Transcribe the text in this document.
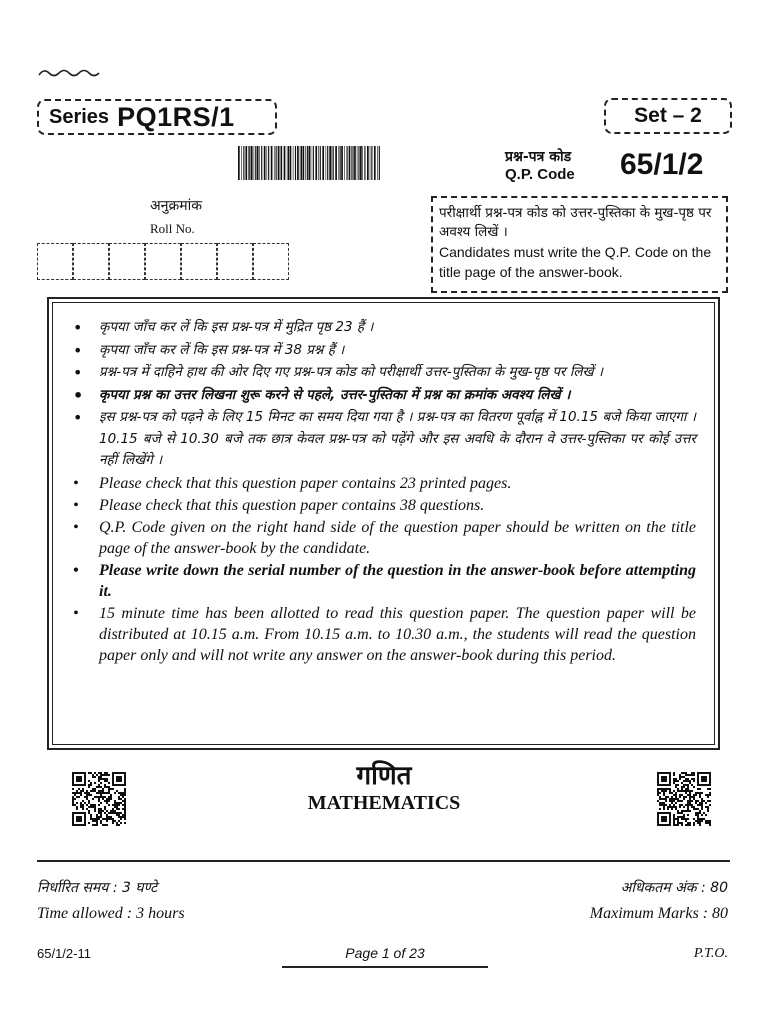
Series PQ1RS/1	Set – 2
प्रश्न-पत्र कोड
Q.P. Code 65/1/2
अनुक्रमांक
Roll No.
परीक्षार्थी प्रश्न-पत्र कोड को उत्तर-पुस्तिका के मुख-पृष्ठ पर अवश्य लिखें ।
Candidates must write the Q.P. Code on the title page of the answer-book.
• कृपया जाँच कर लें कि इस प्रश्न-पत्र में मुद्रित पृष्ठ 23 हैं ।
• कृपया जाँच कर लें कि इस प्रश्न-पत्र में 38 प्रश्न हैं ।
• प्रश्न-पत्र में दाहिने हाथ की ओर दिए गए प्रश्न-पत्र कोड को परीक्षार्थी उत्तर-पुस्तिका के मुख-पृष्ठ पर लिखें ।
• कृपया प्रश्न का उत्तर लिखना शुरू करने से पहले, उत्तर-पुस्तिका में प्रश्न का क्रमांक अवश्य लिखें ।
• इस प्रश्न-पत्र को पढ़ने के लिए 15 मिनट का समय दिया गया है । प्रश्न-पत्र का वितरण पूर्वाह्न में 10.15 बजे किया जाएगा । 10.15 बजे से 10.30 बजे तक छात्र केवल प्रश्न-पत्र को पढ़ेंगे और इस अवधि के दौरान वे उत्तर-पुस्तिका पर कोई उत्तर नहीं लिखेंगे ।
• Please check that this question paper contains 23 printed pages.
• Please check that this question paper contains 38 questions.
• Q.P. Code given on the right hand side of the question paper should be written on the title page of the answer-book by the candidate.
• Please write down the serial number of the question in the answer-book before attempting it.
• 15 minute time has been allotted to read this question paper. The question paper will be distributed at 10.15 a.m. From 10.15 a.m. to 10.30 a.m., the students will read the question paper only and will not write any answer on the answer-book during this period.
गणित
MATHEMATICS
निर्धारित समय : 3 घण्टे	अधिकतम अंक : 80
Time allowed : 3 hours	Maximum Marks : 80
65/1/2-11	Page 1 of 23	P.T.O.
